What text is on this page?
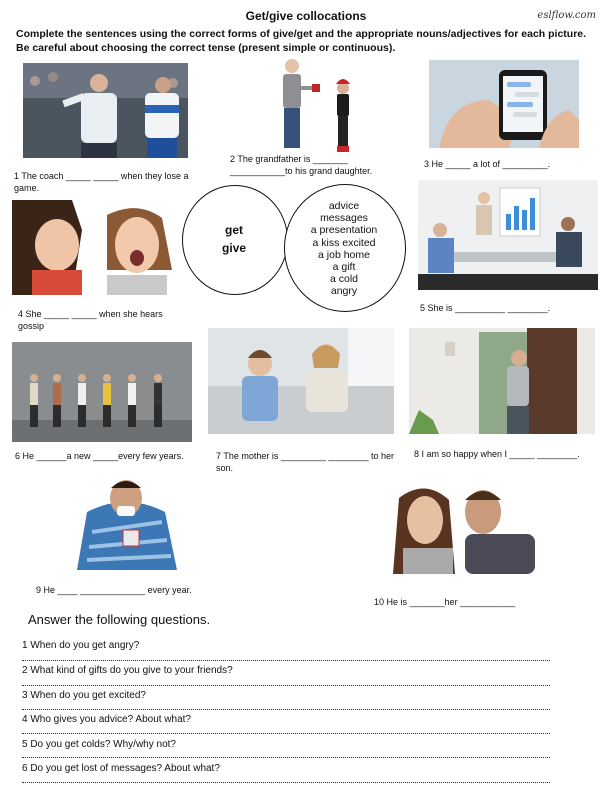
Get/give collocations	eslflow.com
Complete the sentences using the correct forms of give/get and the appropriate nouns/adjectives for each picture. Be careful about choosing the correct tense (present simple or continuous).
1 The coach _____ _____ when they lose a game.
2 The grandfather is _______ ___________to his grand daughter.
3 He _____ a lot of _________.
4 She _____ _____ when she hears gossip
get
give
advice
messages
a presentation
a kiss excited
a job home
a gift
a cold
angry
5 She is __________ ________.
6 He ______a new _____every few years.	7 The mother is _________ ________ to her son.
8 I am so happy when I _____ ________.
9 He ____ _____________ every year.
10 He is _______her ___________
Answer the following questions.
1 When do you get angry?
2 What kind of gifts do you give to your friends?
3 When do you get excited?
4 Who gives you advice? About what?
5 Do you get colds? Why/why not?
6 Do you get lost of messages? About what?
